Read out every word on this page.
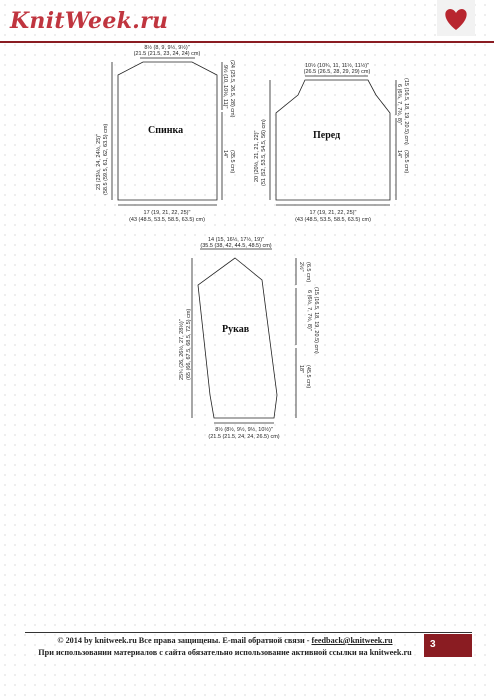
KnitWeek.ru
Спинка
8½ (8, 9, 9½, 9½)"
(21.5 (21.5, 23, 24, 24) cm)
9½ (10, 10½, 11)" (24 (25.5, 26.5, 28) cm)
14" (35.5 cm)
23 (23½, 24, 24½, 25)" (58.5 (59.5, 61, 62, 63.5) cm)
17 (19, 21, 22, 25)"
(43 (48.5, 53.5, 58.5, 63.5) cm)
Перед
10½ (10¾, 11, 11½, 11½)"
(26.5 (26.5, 28, 29, 29) cm)
6 (6¾, 7, 7½, 8)" (15 (16.5, 18, 19, 20.5) cm)
14" (35.5 cm)
20 (20½, 21, 21, 22)" (51 (52, 53.5, 54.5, 56) cm)
17 (19, 21, 22, 25)"
(43 (48.5, 53.5, 58.5, 63.5) cm)
Рукав
14 (15, 16½, 17½, 19)"
(35.5 (38, 42, 44.5, 48.5) cm)
2½" (6.5 cm)
6 (6½, 7, 7½, 8)" (15 (16.5, 18, 19, 20.5) cm)
18" (45.5 cm)
25¾ (26, 26½, 27, 28½)" (65 (66, 67.5, 68.5, 72.5) cm)
8½ (8½, 9½, 9½, 10½)"
(21.5 (21.5, 24, 24, 26.5) cm)
© 2014 by knitweek.ru Все права защищены. E-mail обратной связи - feedback@knitweek.ru
При использовании материалов с сайта обязательно использование активной ссылки на knitweek.ru
3
